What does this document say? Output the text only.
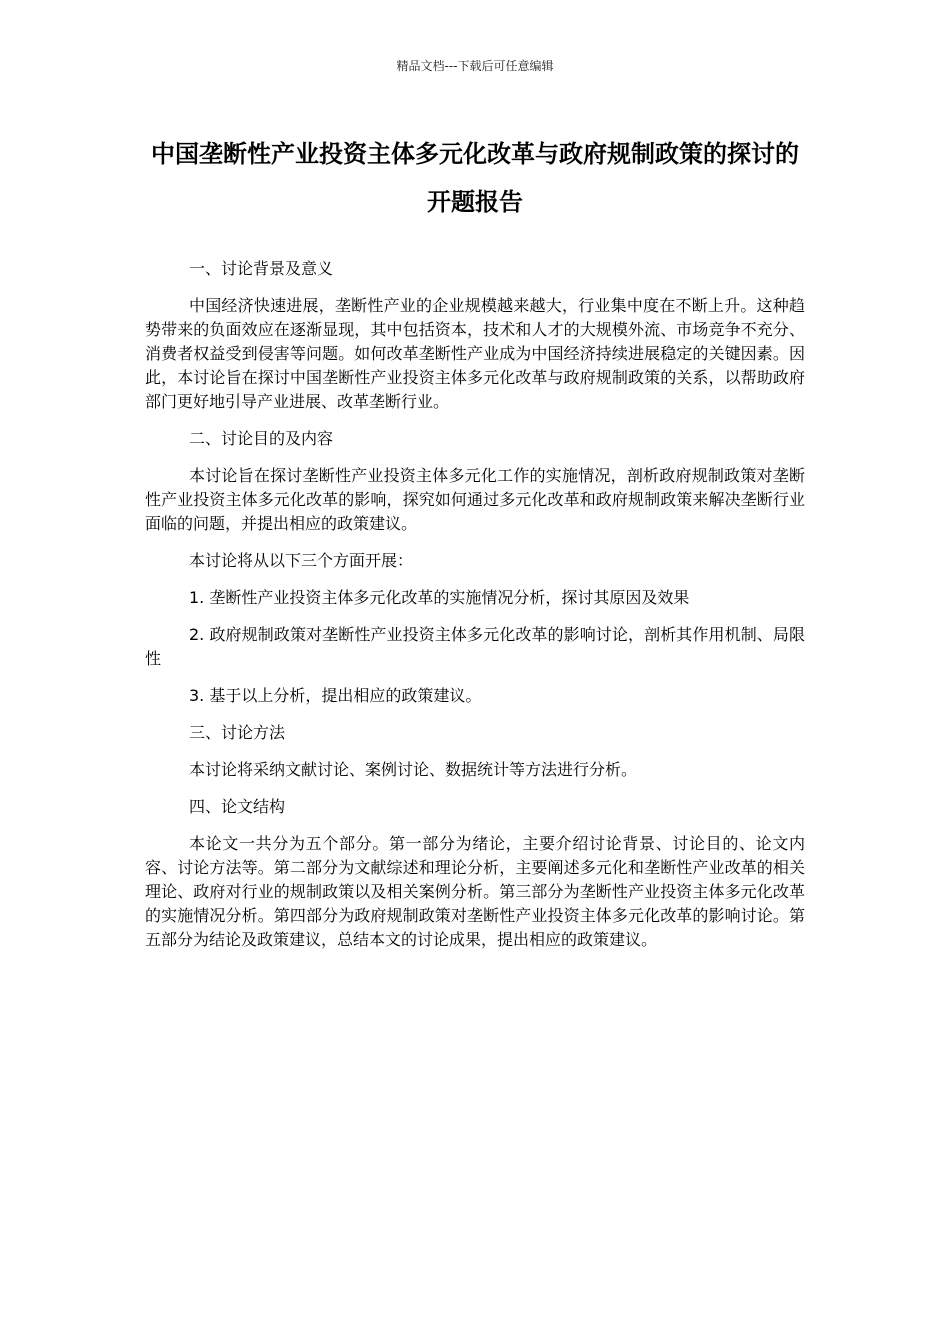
精品文档---下载后可任意编辑
中国垄断性产业投资主体多元化改革与政府规制政策的探讨的开题报告

一、讨论背景及意义

中国经济快速进展，垄断性产业的企业规模越来越大，行业集中度在不断上升。这种趋势带来的负面效应在逐渐显现，其中包括资本，技术和人才的大规模外流、市场竞争不充分、消费者权益受到侵害等问题。如何改革垄断性产业成为中国经济持续进展稳定的关键因素。因此，本讨论旨在探讨中国垄断性产业投资主体多元化改革与政府规制政策的关系，以帮助政府部门更好地引导产业进展、改革垄断行业。

二、讨论目的及内容

本讨论旨在探讨垄断性产业投资主体多元化工作的实施情况，剖析政府规制政策对垄断性产业投资主体多元化改革的影响，探究如何通过多元化改革和政府规制政策来解决垄断行业面临的问题，并提出相应的政策建议。

本讨论将从以下三个方面开展：

1. 垄断性产业投资主体多元化改革的实施情况分析，探讨其原因及效果

2. 政府规制政策对垄断性产业投资主体多元化改革的影响讨论，剖析其作用机制、局限性

3. 基于以上分析，提出相应的政策建议。

三、讨论方法

本讨论将采纳文献讨论、案例讨论、数据统计等方法进行分析。

四、论文结构

本论文一共分为五个部分。第一部分为绪论，主要介绍讨论背景、讨论目的、论文内容、讨论方法等。第二部分为文献综述和理论分析，主要阐述多元化和垄断性产业改革的相关理论、政府对行业的规制政策以及相关案例分析。第三部分为垄断性产业投资主体多元化改革的实施情况分析。第四部分为政府规制政策对垄断性产业投资主体多元化改革的影响讨论。第五部分为结论及政策建议，总结本文的讨论成果，提出相应的政策建议。
